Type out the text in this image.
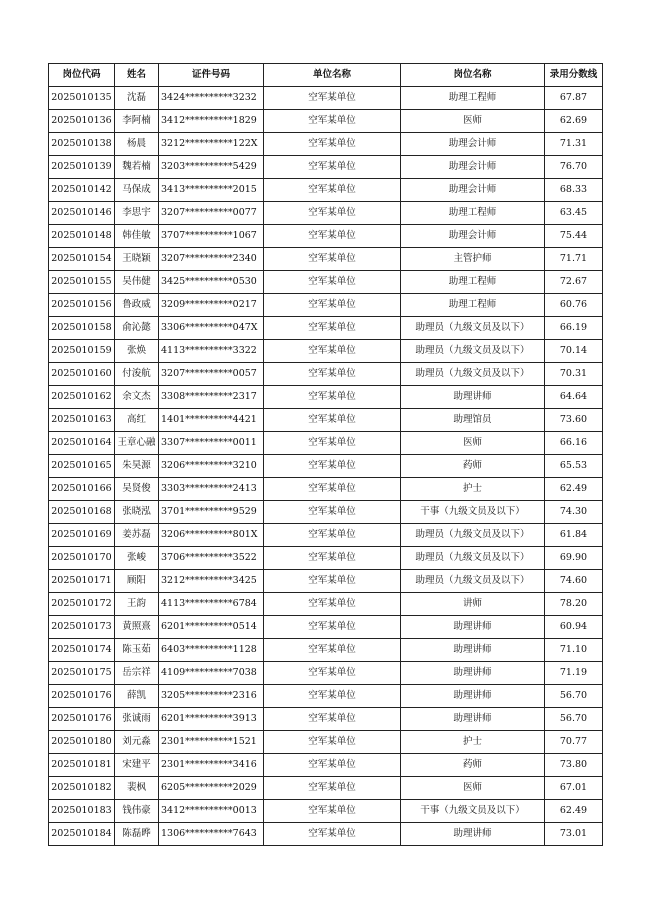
岗位代码	姓名	证件号码	单位名称	岗位名称	录用分数线
2025010135	沈磊	3424**********3232	空军某单位	助理工程师	67.87
2025010136	李阿楠	3412**********1829	空军某单位	医师	62.69
2025010138	杨晨	3212**********122X	空军某单位	助理会计师	71.31
2025010139	魏若楠	3203**********5429	空军某单位	助理会计师	76.70
2025010142	马保成	3413**********2015	空军某单位	助理会计师	68.33
2025010146	李思宇	3207**********0077	空军某单位	助理工程师	63.45
2025010148	韩佳敏	3707**********1067	空军某单位	助理会计师	75.44
2025010154	王晓颖	3207**********2340	空军某单位	主管护师	71.71
2025010155	吴伟健	3425**********0530	空军某单位	助理工程师	72.67
2025010156	鲁政威	3209**********0217	空军某单位	助理工程师	60.76
2025010158	俞沁懿	3306**********047X	空军某单位	助理员（九级文员及以下）	66.19
2025010159	张焕	4113**********3322	空军某单位	助理员（九级文员及以下）	70.14
2025010160	付浚航	3207**********0057	空军某单位	助理员（九级文员及以下）	70.31
2025010162	余文杰	3308**********2317	空军某单位	助理讲师	64.64
2025010163	高红	1401**********4421	空军某单位	助理馆员	73.60
2025010164	王章心融	3307**********0011	空军某单位	医师	66.16
2025010165	朱昊源	3206**********3210	空军某单位	药师	65.53
2025010166	吴贤俊	3303**********2413	空军某单位	护士	62.49
2025010168	张晓泓	3701**********9529	空军某单位	干事（九级文员及以下）	74.30
2025010169	姜苏磊	3206**********801X	空军某单位	助理员（九级文员及以下）	61.84
2025010170	张峻	3706**********3522	空军某单位	助理员（九级文员及以下）	69.90
2025010171	顾阳	3212**********3425	空军某单位	助理员（九级文员及以下）	74.60
2025010172	王韵	4113**********6784	空军某单位	讲师	78.20
2025010173	黄照熹	6201**********0514	空军某单位	助理讲师	60.94
2025010174	陈玉茹	6403**********1128	空军某单位	助理讲师	71.10
2025010175	岳宗祥	4109**********7038	空军某单位	助理讲师	71.19
2025010176	薛凯	3205**********2316	空军某单位	助理讲师	56.70
2025010176	张诚雨	6201**********3913	空军某单位	助理讲师	56.70
2025010180	刘元淼	2301**********1521	空军某单位	护士	70.77
2025010181	宋建平	2301**********3416	空军某单位	药师	73.80
2025010182	裴枫	6205**********2029	空军某单位	医师	67.01
2025010183	钱伟豪	3412**********0013	空军某单位	干事（九级文员及以下）	62.49
2025010184	陈磊晔	1306**********7643	空军某单位	助理讲师	73.01
